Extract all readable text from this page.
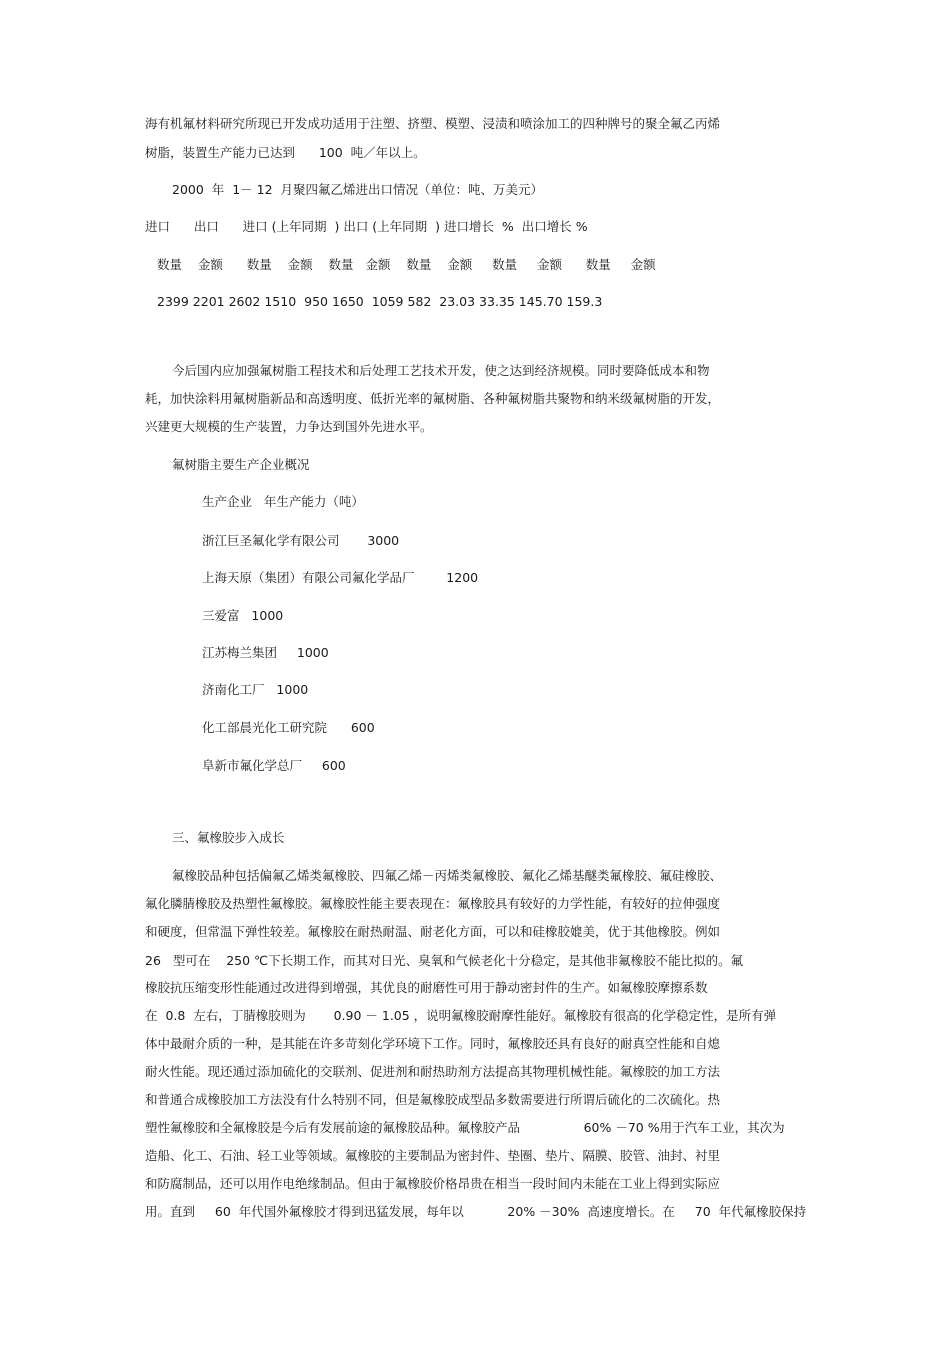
海有机氟材料研究所现已开发成功适用于注塑、挤塑、模塑、浸渍和喷涂加工的四种牌号的聚全氟乙丙烯
树脂，装置生产能力已达到      100  吨／年以上。
2000  年  1－ 12  月聚四氟乙烯进出口情况（单位：吨、万美元）
进口      出口      进口 (上年同期  ) 出口 (上年同期  ) 进口增长  %  出口增长 %
数量    金额      数量    金额    数量   金额    数量    金额     数量     金额      数量     金额
2399 2201 2602 1510  950 1650  1059 582  23.03 33.35 145.70 159.3
今后国内应加强氟树脂工程技术和后处理工艺技术开发，使之达到经济规模。同时要降低成本和物
耗，加快涂料用氟树脂新品和高透明度、低折光率的氟树脂、各种氟树脂共聚物和纳米级氟树脂的开发，
兴建更大规模的生产装置，力争达到国外先进水平。
氟树脂主要生产企业概况
生产企业   年生产能力（吨）
浙江巨圣氟化学有限公司       3000
上海天原（集团）有限公司氟化学品厂        1200
三爱富   1000
江苏梅兰集团     1000
济南化工厂   1000
化工部晨光化工研究院      600
阜新市氟化学总厂     600
三、氟橡胶步入成长
氟橡胶品种包括偏氟乙烯类氟橡胶、四氟乙烯－丙烯类氟橡胶、氟化乙烯基醚类氟橡胶、氟硅橡胶、
氟化膦腈橡胶及热塑性氟橡胶。氟橡胶性能主要表现在：氟橡胶具有较好的力学性能，有较好的拉伸强度
和硬度，但常温下弹性较差。氟橡胶在耐热耐温、耐老化方面，可以和硅橡胶媲美，优于其他橡胶。例如
26   型可在    250 ℃下长期工作，而其对日光、臭氧和气候老化十分稳定，是其他非氟橡胶不能比拟的。氟
橡胶抗压缩变形性能通过改进得到增强，其优良的耐磨性可用于静动密封件的生产。如氟橡胶摩擦系数
在  0.8  左右，丁腈橡胶则为       0.90 － 1.05 ，说明氟橡胶耐摩性能好。氟橡胶有很高的化学稳定性，是所有弹
体中最耐介质的一种，是其能在许多苛刻化学环境下工作。同时，氟橡胶还具有良好的耐真空性能和自熄
耐火性能。现还通过添加硫化的交联剂、促进剂和耐热助剂方法提高其物理机械性能。氟橡胶的加工方法
和普通合成橡胶加工方法没有什么特别不同，但是氟橡胶成型品多数需要进行所谓后硫化的二次硫化。热
塑性氟橡胶和全氟橡胶是今后有发展前途的氟橡胶品种。氟橡胶产品                60% －70 %用于汽车工业，其次为
造船、化工、石油、轻工业等领域。氟橡胶的主要制品为密封件、垫圈、垫片、隔膜、胶管、油封、衬里
和防腐制品，还可以用作电绝缘制品。但由于氟橡胶价格昂贵在相当一段时间内未能在工业上得到实际应
用。直到     60  年代国外氟橡胶才得到迅猛发展，每年以           20% －30%  高速度增长。在     70  年代氟橡胶保持
